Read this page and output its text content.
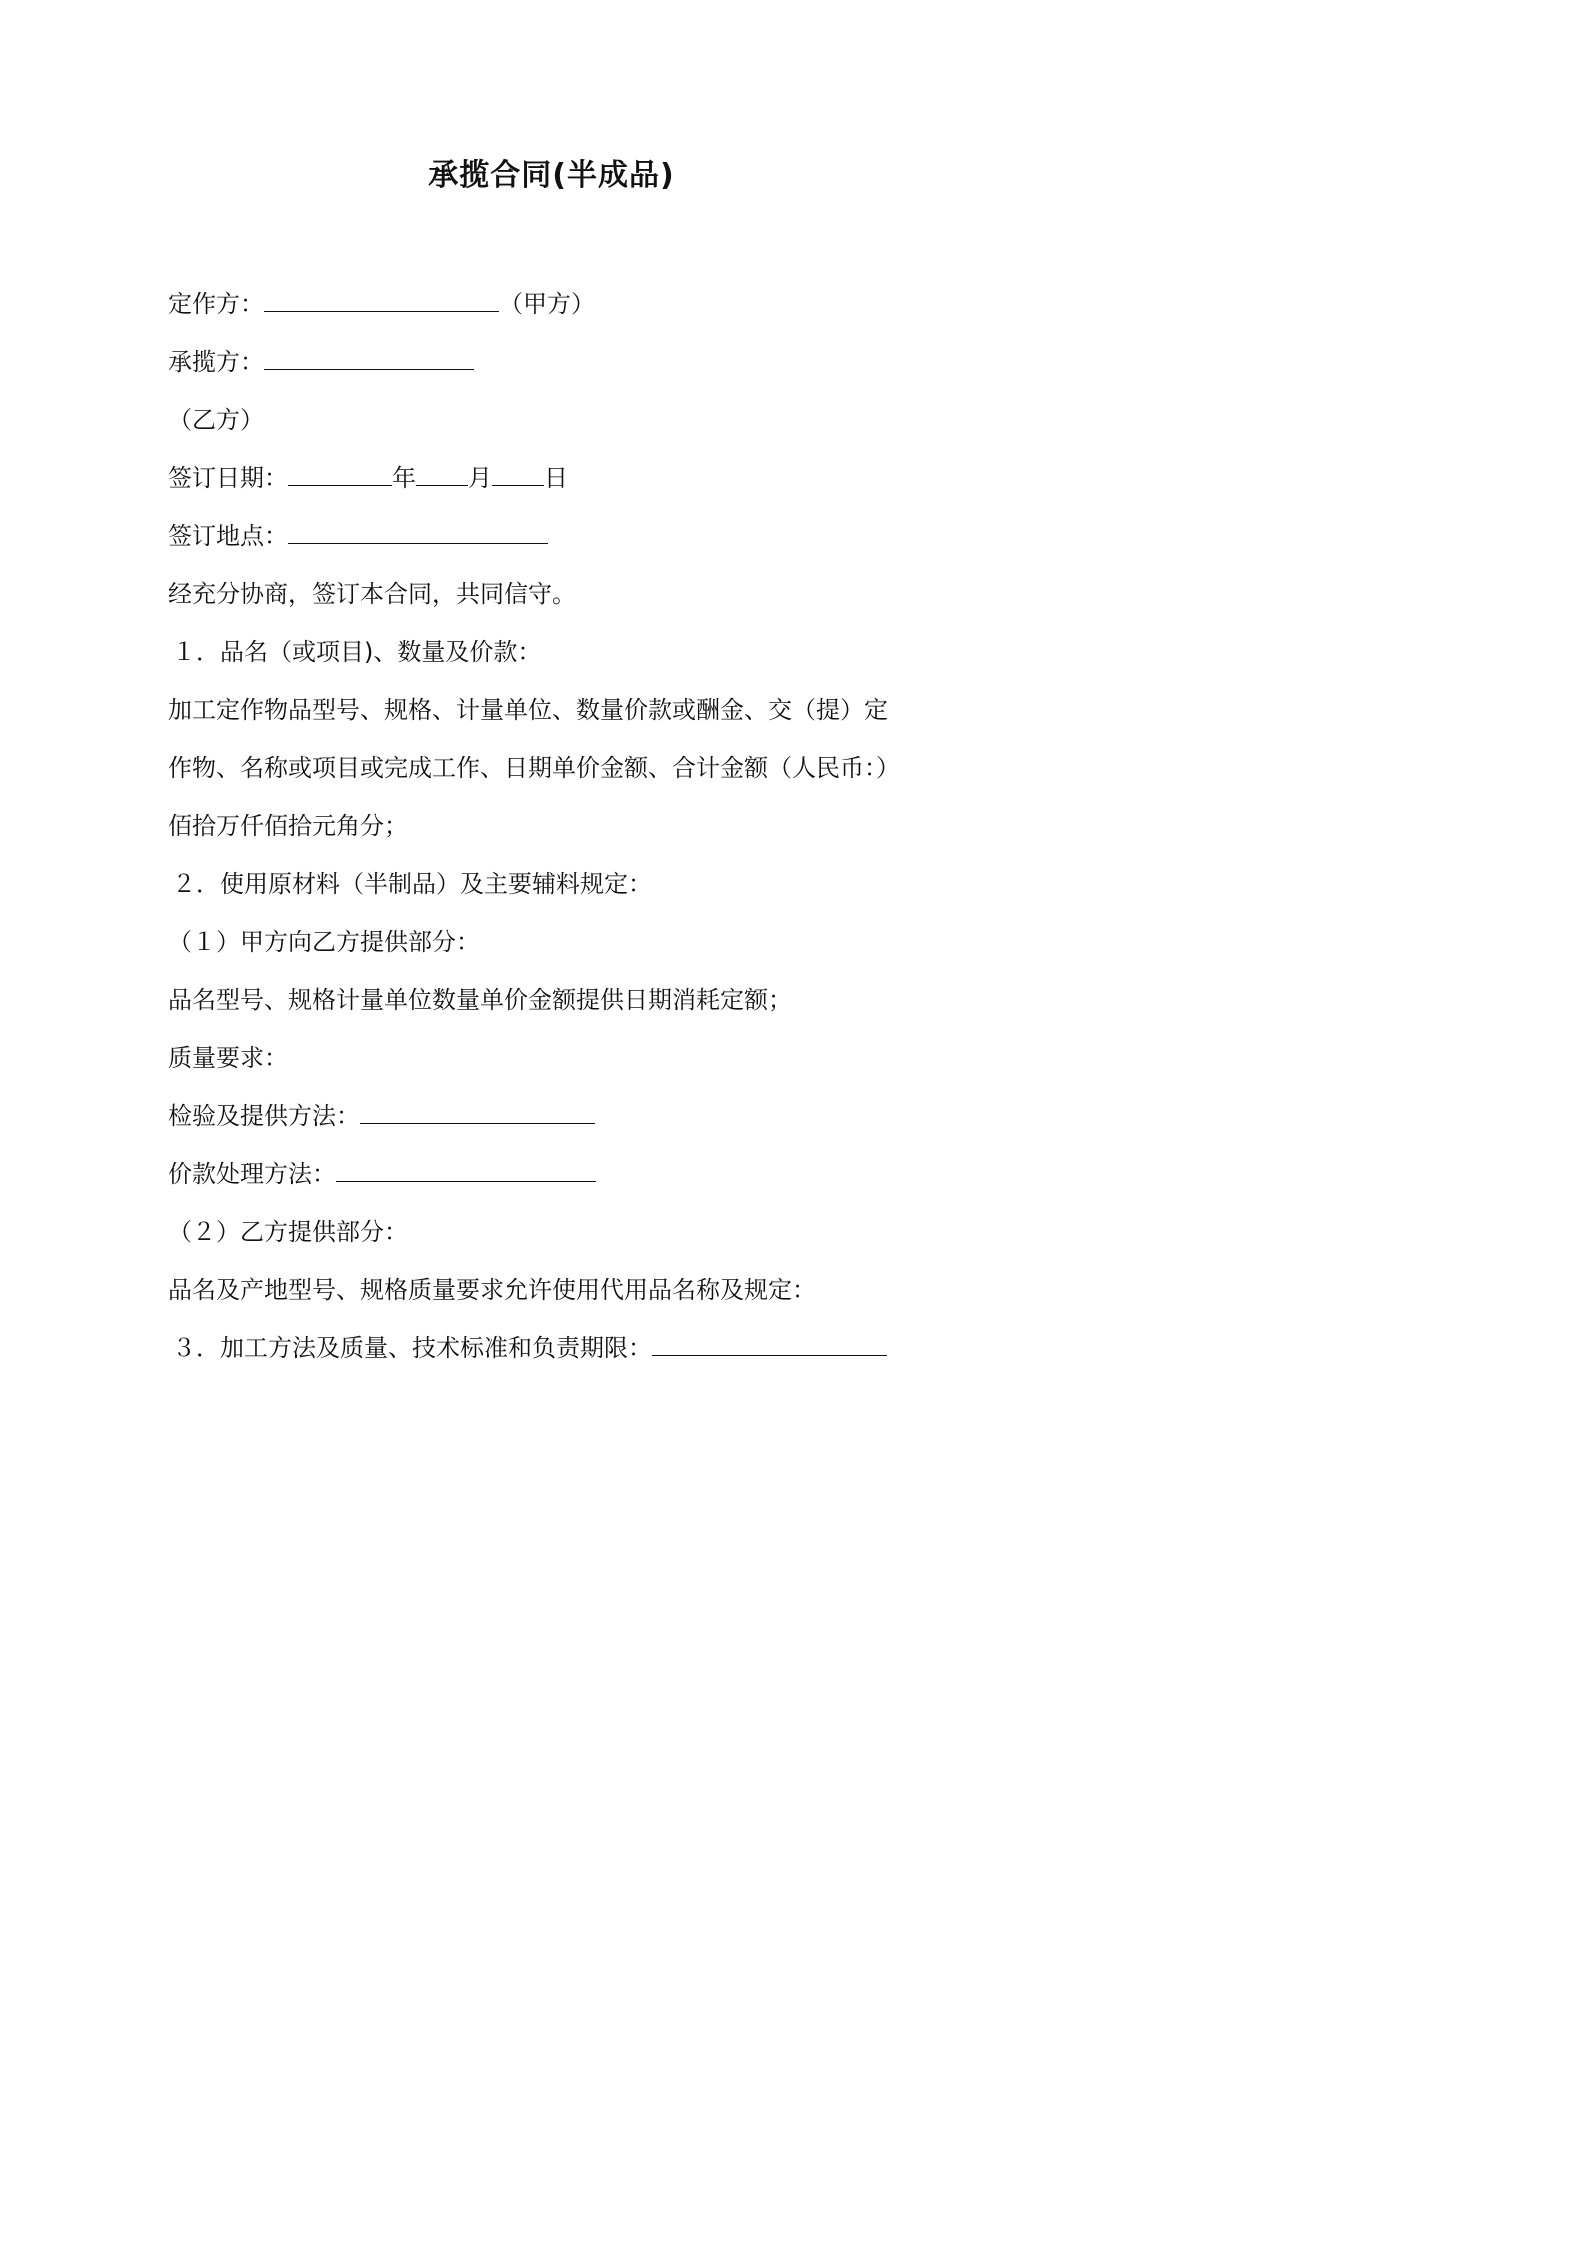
承揽合同(半成品)
定作方：	（甲方）
承揽方：
（乙方）
签订日期：	年 月 日
签订地点：
经充分协商，签订本合同，共同信守。
１．品名（或项目)、数量及价款：
加工定作物品型号、规格、计量单位、数量价款或酬金、交（提）定
作物、名称或项目或完成工作、日期单价金额、合计金额（人民币：）
佰拾万仟佰拾元角分；
２．使用原材料（半制品）及主要辅料规定：
（１）甲方向乙方提供部分：
品名型号、规格计量单位数量单价金额提供日期消耗定额；
质量要求：
检验及提供方法：
价款处理方法：
（２）乙方提供部分：
品名及产地型号、规格质量要求允许使用代用品名称及规定：
３．加工方法及质量、技术标准和负责期限：
